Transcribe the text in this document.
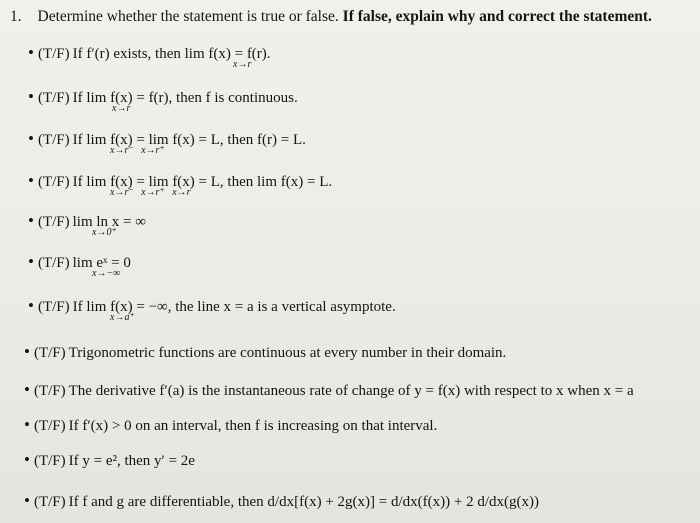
1. Determine whether the statement is true or false. If false, explain why and correct the statement.
• (T/F) If f′(r) exists, then lim f(x) = f(r).
x→r
• (T/F) If lim f(x) = f(r), then f is continuous.
x→r
• (T/F) If lim f(x) = lim f(x) = L, then f(r) = L.
x→r⁻   x→r⁺
• (T/F) If lim f(x) = lim f(x) = L, then lim f(x) = L.
x→r⁻   x→r⁺   x→r
• (T/F) lim ln x = ∞
x→0⁺
• (T/F) lim eˣ = 0
x→−∞
• (T/F) If lim f(x) = −∞, the line x = a is a vertical asymptote.
x→a⁺
• (T/F) Trigonometric functions are continuous at every number in their domain.
• (T/F) The derivative f′(a) is the instantaneous rate of change of y = f(x) with respect to x when x = a
• (T/F) If f′(x) > 0 on an interval, then f is increasing on that interval.
• (T/F) If y = e², then y′ = 2e
• (T/F) If f and g are differentiable, then d/dx[f(x) + 2g(x)] = d/dx(f(x)) + 2 d/dx(g(x))
